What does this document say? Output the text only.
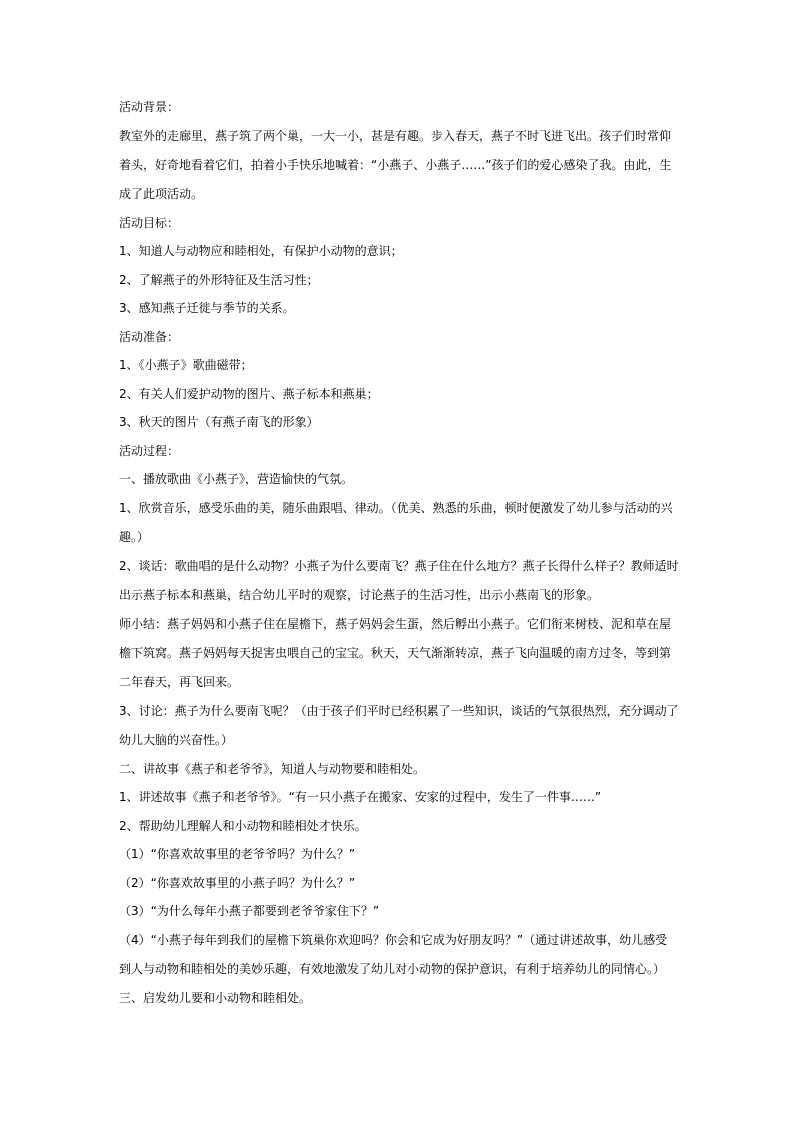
活动背景：

教室外的走廊里，燕子筑了两个巢，一大一小，甚是有趣。步入春天，燕子不时飞进飞出。孩子们时常仰着头，好奇地看着它们，拍着小手快乐地喊着：“小燕子、小燕子……”孩子们的爱心感染了我。由此，生成了此项活动。

活动目标：

1、知道人与动物应和睦相处，有保护小动物的意识；

2、了解燕子的外形特征及生活习性；

3、感知燕子迁徙与季节的关系。

活动准备：

1、《小燕子》歌曲磁带；

2、有关人们爱护动物的图片、燕子标本和燕巢；

3、秋天的图片（有燕子南飞的形象）

活动过程：

一、播放歌曲《小燕子》，营造愉快的气氛。

1、欣赏音乐，感受乐曲的美，随乐曲跟唱、律动。（优美、熟悉的乐曲，顿时便激发了幼儿参与活动的兴趣。）

2、谈话：歌曲唱的是什么动物？小燕子为什么要南飞？燕子住在什么地方？燕子长得什么样子？教师适时出示燕子标本和燕巢，结合幼儿平时的观察，讨论燕子的生活习性，出示小燕南飞的形象。

师小结：燕子妈妈和小燕子住在屋檐下，燕子妈妈会生蛋，然后孵出小燕子。它们衔来树枝、泥和草在屋檐下筑窝。燕子妈妈每天捉害虫喂自己的宝宝。秋天，天气渐渐转凉，燕子飞向温暖的南方过冬，等到第二年春天，再飞回来。

3、讨论：燕子为什么要南飞呢？（由于孩子们平时已经积累了一些知识，谈话的气氛很热烈，充分调动了幼儿大脑的兴奋性。）

二、讲故事《燕子和老爷爷》，知道人与动物要和睦相处。

1、讲述故事《燕子和老爷爷》。“有一只小燕子在搬家、安家的过程中，发生了一件事……”

2、帮助幼儿理解人和小动物和睦相处才快乐。

（1）“你喜欢故事里的老爷爷吗？为什么？”

（2）“你喜欢故事里的小燕子吗？为什么？”

（3）“为什么每年小燕子都要到老爷爷家住下？”

（4）“小燕子每年到我们的屋檐下筑巢你欢迎吗？你会和它成为好朋友吗？”（通过讲述故事，幼儿感受到人与动物和睦相处的美妙乐趣，有效地激发了幼儿对小动物的保护意识，有利于培养幼儿的同情心。）

三、启发幼儿要和小动物和睦相处。
